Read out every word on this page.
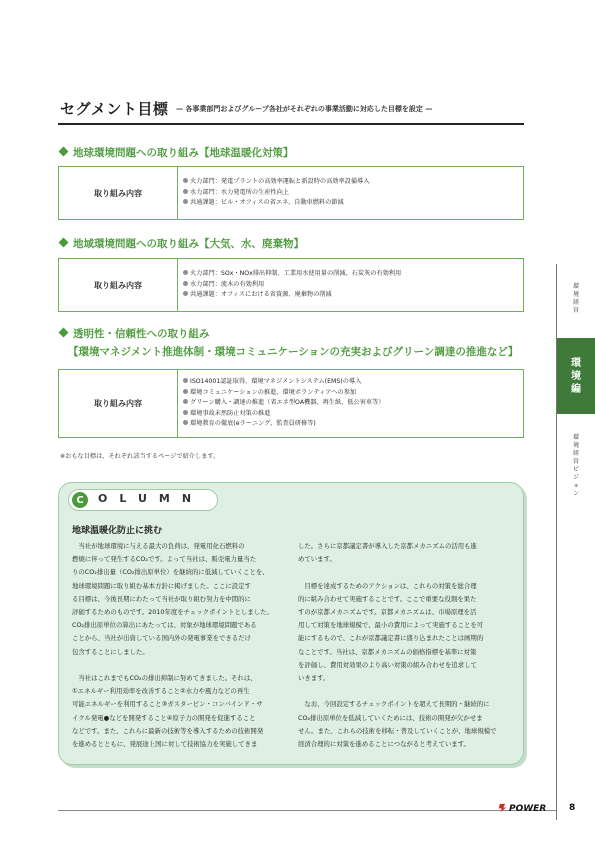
セグメント目標 — 各事業部門およびグループ各社がそれぞれの事業活動に対応した目標を設定 —
地球環境問題への取り組み【地球温暖化対策】
取り組み内容
火力部門：発電プラントの高効率運転と新設時の高効率設備導入
水力部門：水力発電所の生産性向上
共通課題：ビル・オフィスの省エネ、自動車燃料の節減
地域環境問題への取り組み【大気、水、廃棄物】
取り組み内容
火力部門：SOx・NOx排出抑制、工業用水使用量の削減、石炭灰の有効利用
水力部門：流木の有効利用
共通課題：オフィスにおける省資源、廃棄物の削減
透明性・信頼性への取り組み
【環境マネジメント推進体制・環境コミュニケーションの充実およびグリーン調達の推進など】
取り組み内容
ISO14001認証取得、環境マネジメントシステム(EMS)の導入
環境コミュニケーションの推進、環境ボランティアへの参加
グリーン購入・調達の推進（省エネ型OA機器、再生紙、低公害車等）
環境事故未然防止対策の推進
環境教育の徹底(eラーニング、監査員研修等)
※おもな目標は、それぞれ該当するページで紹介します。
C	OLUMN
地球温暖化防止に挑む
　当社が地球環境に与える最大の負荷は、発電用化石燃料の
燃焼に伴って発生するCO₂です。よって当社は、販売電力量当た
りのCO₂排出量（CO₂排出原単位）を継続的に低減していくことを、
地球環境問題に取り組む基本方針に掲げました。ここに設定す
る目標は、今後長期にわたって当社が取り組む努力を中間的に
評価するためのものです。2010年度をチェックポイントとしました。
CO₂排出原単位の算出にあたっては、対象が地球環境問題である
ことから、当社が出資している国内外の発電事業をできるだけ
包含することにしました。

　当社はこれまでもCO₂の排出抑制に努めてきました。それは、
①エネルギー利用効率を改善すること②水力や風力などの再生
可能エネルギーを利用すること③ガスタービン・コンバインド・サ
イクル発電●などを開発すること④原子力の開発を促進すること
などです。また、これらに最新の技術等を導入するための技術開発
を進めるとともに、発展途上国に対して技術協力を実施してきま
した。さらに京都議定書が導入した京都メカニズムの活用も進
めています。

　目標を達成するためのアクションは、これらの対策を総合理
的に組み合わせて実施することです。ここで重要な役割を果た
すのが京都メカニズムです。京都メカニズムは、市場原理を活
用して対策を地球規模で、最小の費用によって実施することを可
能にするもので、これが京都議定書に盛り込まれたことは画期的
なことです。当社は、京都メカニズムの価格指標を基準に対策
を評価し、費用対効果のより高い対策の組み合わせを追求して
いきます。

　なお、今回設定するチェックポイントを超えて長期的・継続的に
CO₂排出原単位を低減していくためには、技術の開発が欠かせま
せん。また、これらの技術を移転・普及していくことが、地球規模で
経済合理的に対策を進めることにつながると考えています。
環境経営
環境編
環境経営ビジョン
POWER	8
